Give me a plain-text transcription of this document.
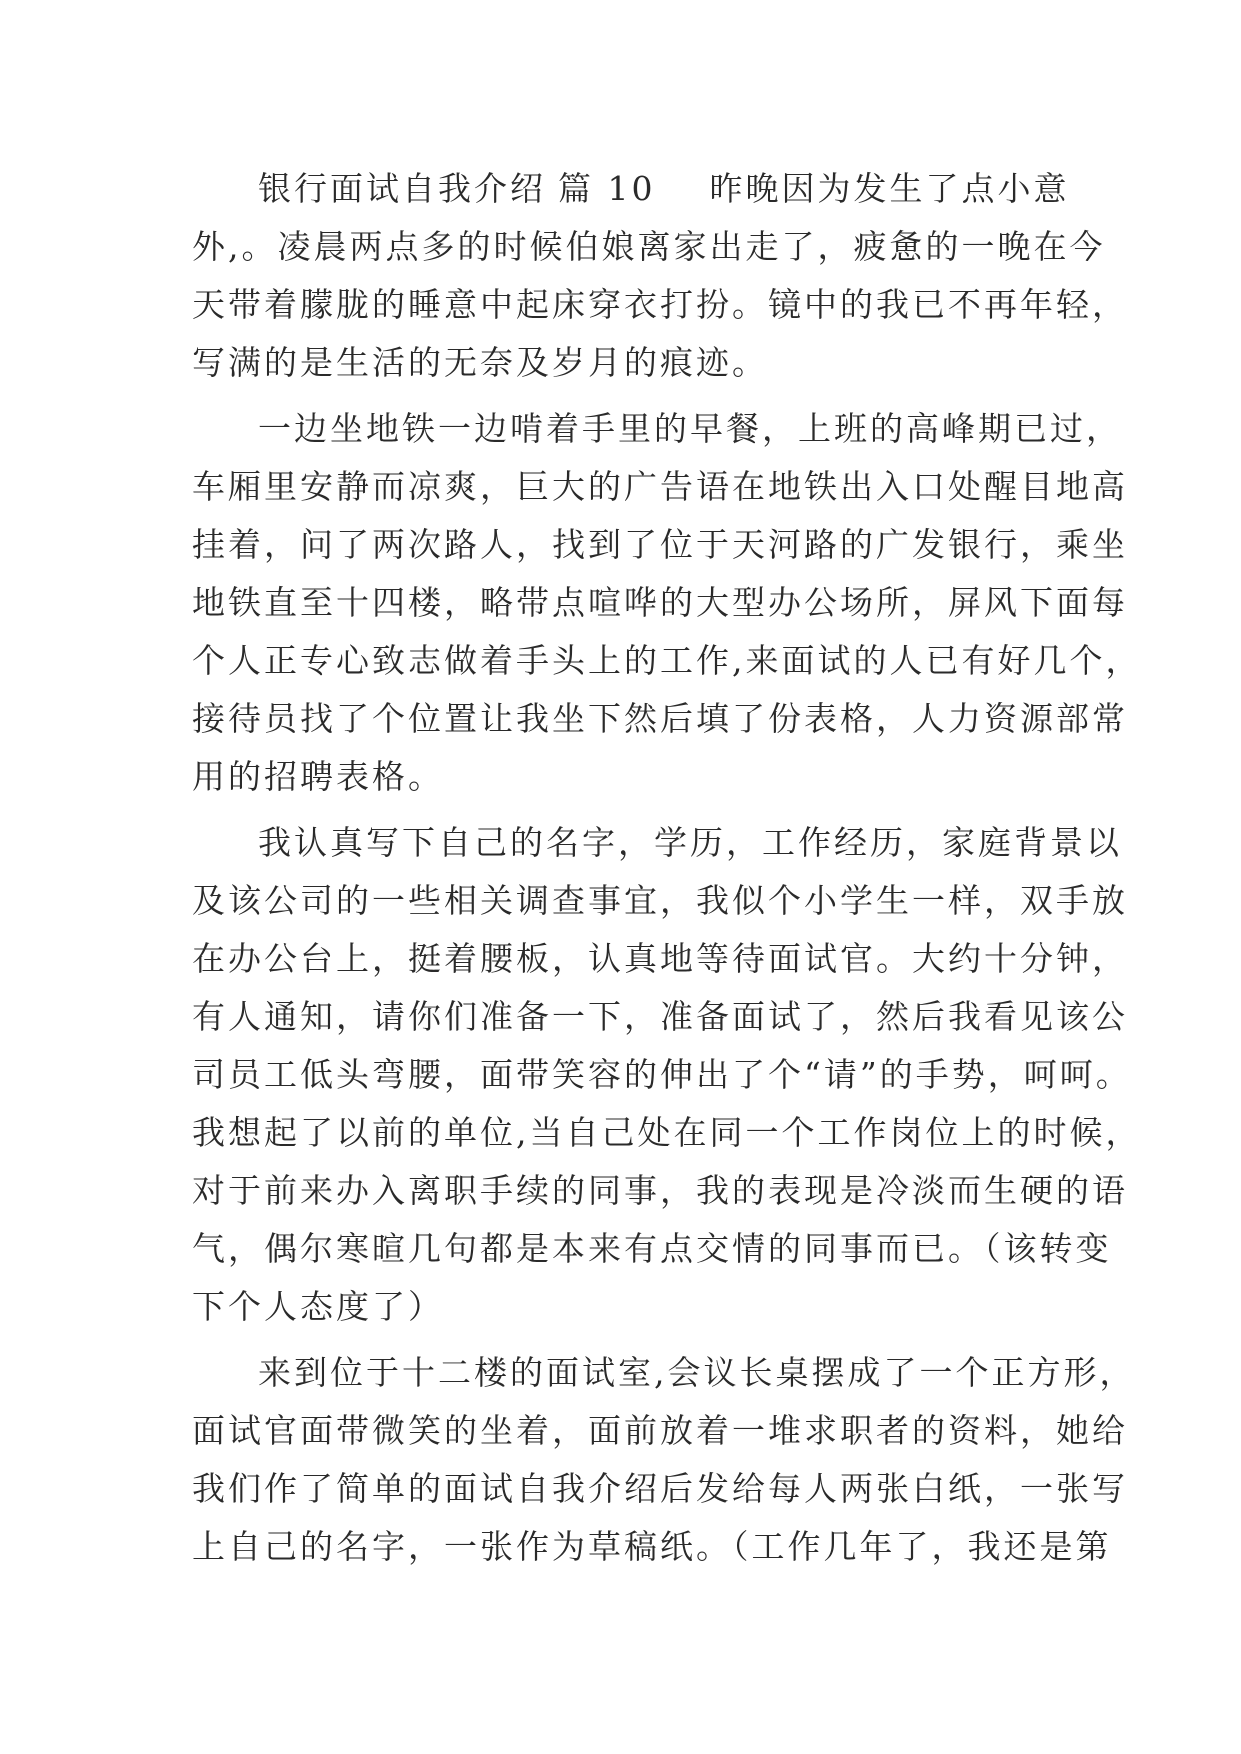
银行面试自我介绍 篇 10 昨晚因为发生了点小意
外,。凌晨两点多的时候伯娘离家出走了，疲惫的一晚在今
天带着朦胧的睡意中起床穿衣打扮。镜中的我已不再年轻，
写满的是生活的无奈及岁月的痕迹。

一边坐地铁一边啃着手里的早餐，上班的高峰期已过，
车厢里安静而凉爽，巨大的广告语在地铁出入口处醒目地高
挂着，问了两次路人，找到了位于天河路的广发银行，乘坐
地铁直至十四楼，略带点喧哗的大型办公场所，屏风下面每
个人正专心致志做着手头上的工作,来面试的人已有好几个，
接待员找了个位置让我坐下然后填了份表格，人力资源部常
用的招聘表格。

我认真写下自己的名字，学历，工作经历，家庭背景以
及该公司的一些相关调查事宜，我似个小学生一样，双手放
在办公台上，挺着腰板，认真地等待面试官。大约十分钟，
有人通知，请你们准备一下，准备面试了，然后我看见该公
司员工低头弯腰，面带笑容的伸出了个“请”的手势，呵呵。
我想起了以前的单位,当自己处在同一个工作岗位上的时候，
对于前来办入离职手续的同事，我的表现是冷淡而生硬的语
气，偶尔寒暄几句都是本来有点交情的同事而已。（该转变
下个人态度了）

来到位于十二楼的面试室,会议长桌摆成了一个正方形，
面试官面带微笑的坐着，面前放着一堆求职者的资料，她给
我们作了简单的面试自我介绍后发给每人两张白纸，一张写
上自己的名字，一张作为草稿纸。（工作几年了，我还是第
